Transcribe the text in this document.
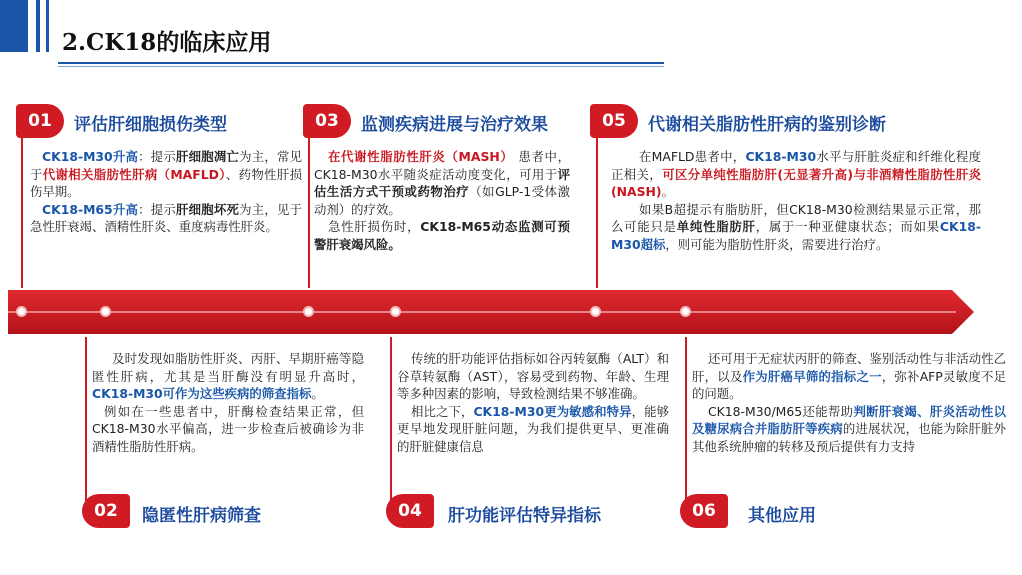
2.CK18的临床应用
01	评估肝细胞损伤类型

CK18-M30升高：提示肝细胞凋亡为主，常见于代谢相关脂肪性肝病（MAFLD）、药物性肝损伤早期。

CK18-M65升高：提示肝细胞坏死为主，见于急性肝衰竭、酒精性肝炎、重度病毒性肝炎。

03	监测疾病进展与治疗效果

在代谢性脂肪性肝炎（MASH） 患者中，CK18-M30水平随炎症活动度变化，可用于评估生活方式干预或药物治疗（如GLP-1受体激动剂）的疗效。

急性肝损伤时，CK18-M65动态监测可预警肝衰竭风险。

05	代谢相关脂肪性肝病的鉴别诊断

在MAFLD患者中，CK18-M30水平与肝脏炎症和纤维化程度正相关，可区分单纯性脂肪肝(无显著升高)与非酒精性脂肪性肝炎(NASH)。

如果B超提示有脂肪肝，但CK18-M30检测结果显示正常，那么可能只是单纯性脂肪肝，属于一种亚健康状态；而如果CK18-M30超标，则可能为脂肪性肝炎，需要进行治疗。

及时发现如脂肪性肝炎、丙肝、早期肝癌等隐匿性肝病，尤其是当肝酶没有明显升高时，CK18-M30可作为这些疾病的筛查指标。

例如在一些患者中，肝酶检查结果正常，但CK18-M30水平偏高，进一步检查后被确诊为非酒精性脂肪性肝病。

02	隐匿性肝病筛查

传统的肝功能评估指标如谷丙转氨酶（ALT）和谷草转氨酶（AST），容易受到药物、年龄、生理等多种因素的影响，导致检测结果不够准确。

相比之下，CK18-M30更为敏感和特异，能够更早地发现肝脏问题，为我们提供更早、更准确的肝脏健康信息

04	肝功能评估特异指标

还可用于无症状丙肝的筛查、鉴别活动性与非活动性乙肝，以及作为肝癌早筛的指标之一，弥补AFP灵敏度不足的问题。

CK18-M30/M65还能帮助判断肝衰竭、肝炎活动性以及糖尿病合并脂肪肝等疾病的进展状况，也能为除肝脏外其他系统肿瘤的转移及预后提供有力支持

06	其他应用
